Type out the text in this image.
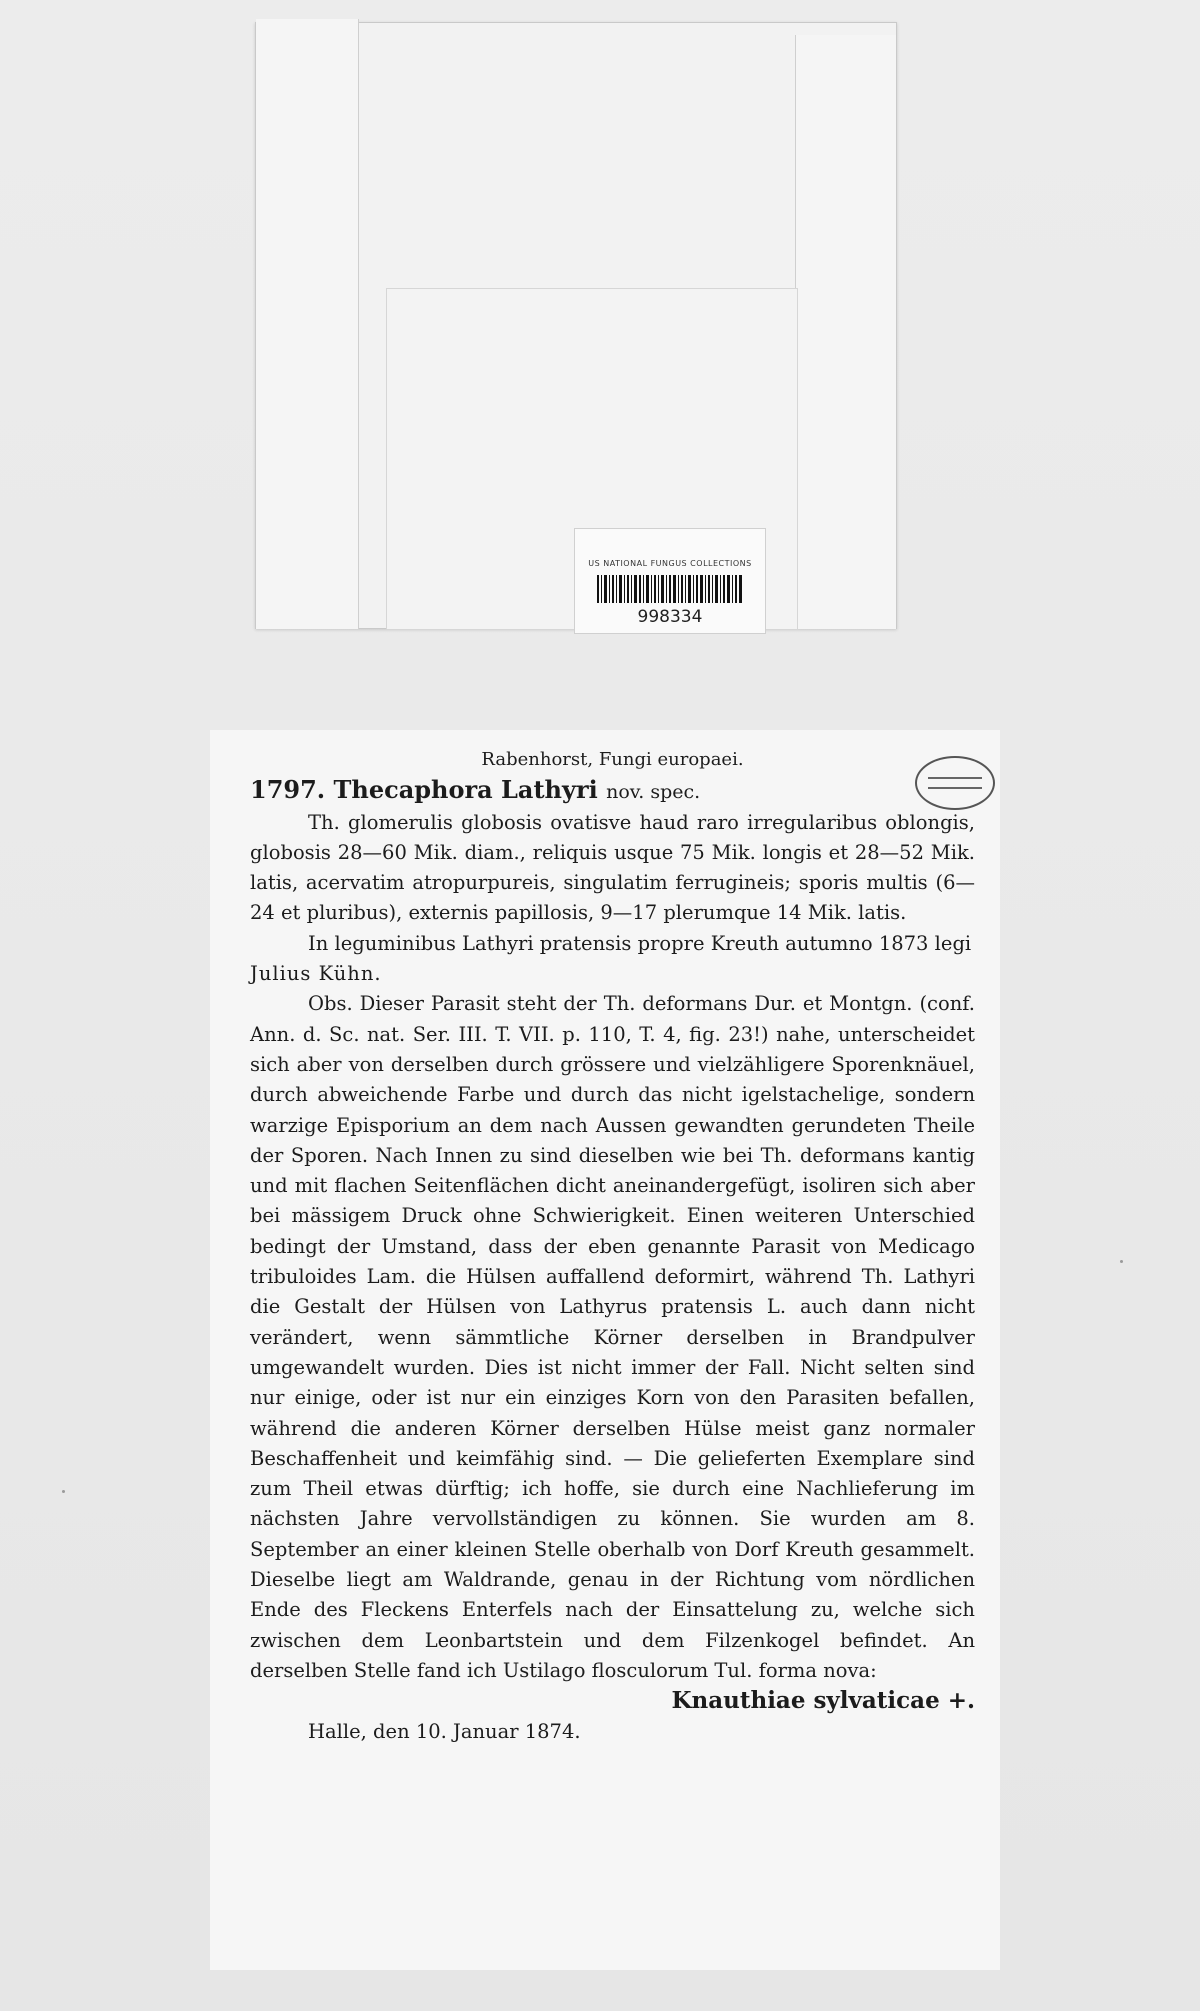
US NATIONAL FUNGUS COLLECTIONS
998334

Rabenhorst, Fungi europaei.

1797. Thecaphora Lathyri nov. spec.

Th. glomerulis globosis ovatisve haud raro irregularibus oblongis, globosis 28—60 Mik. diam., reliquis usque 75 Mik. longis et 28—52 Mik. latis, acervatim atropurpureis, singulatim ferrugineis; sporis multis (6—24 et pluribus), externis papillosis, 9—17 plerumque 14 Mik. latis.

In leguminibus Lathyri pratensis propre Kreuth autumno 1873 legi

Julius Kühn.

Obs. Dieser Parasit steht der Th. deformans Dur. et Montgn. (conf. Ann. d. Sc. nat. Ser. III. T. VII. p. 110, T. 4, fig. 23!) nahe, unterscheidet sich aber von derselben durch grössere und vielzähligere Sporenknäuel, durch abweichende Farbe und durch das nicht igelstachelige, sondern warzige Episporium an dem nach Aussen gewandten gerundeten Theile der Sporen. Nach Innen zu sind dieselben wie bei Th. deformans kantig und mit flachen Seitenflächen dicht aneinandergefügt, isoliren sich aber bei mässigem Druck ohne Schwierigkeit. Einen weiteren Unterschied bedingt der Umstand, dass der eben genannte Parasit von Medicago tribuloides Lam. die Hülsen auffallend deformirt, während Th. Lathyri die Gestalt der Hülsen von Lathyrus pratensis L. auch dann nicht verändert, wenn sämmtliche Körner derselben in Brandpulver umgewandelt wurden. Dies ist nicht immer der Fall. Nicht selten sind nur einige, oder ist nur ein einziges Korn von den Parasiten befallen, während die anderen Körner derselben Hülse meist ganz normaler Beschaffenheit und keimfähig sind. — Die gelieferten Exemplare sind zum Theil etwas dürftig; ich hoffe, sie durch eine Nachlieferung im nächsten Jahre vervollständigen zu können. Sie wurden am 8. September an einer kleinen Stelle oberhalb von Dorf Kreuth gesammelt. Dieselbe liegt am Waldrande, genau in der Richtung vom nördlichen Ende des Fleckens Enterfels nach der Einsattelung zu, welche sich zwischen dem Leonbartstein und dem Filzenkogel befindet. An derselben Stelle fand ich Ustilago flosculorum Tul. forma nova:

Knauthiae sylvaticae +.

Halle, den 10. Januar 1874.
